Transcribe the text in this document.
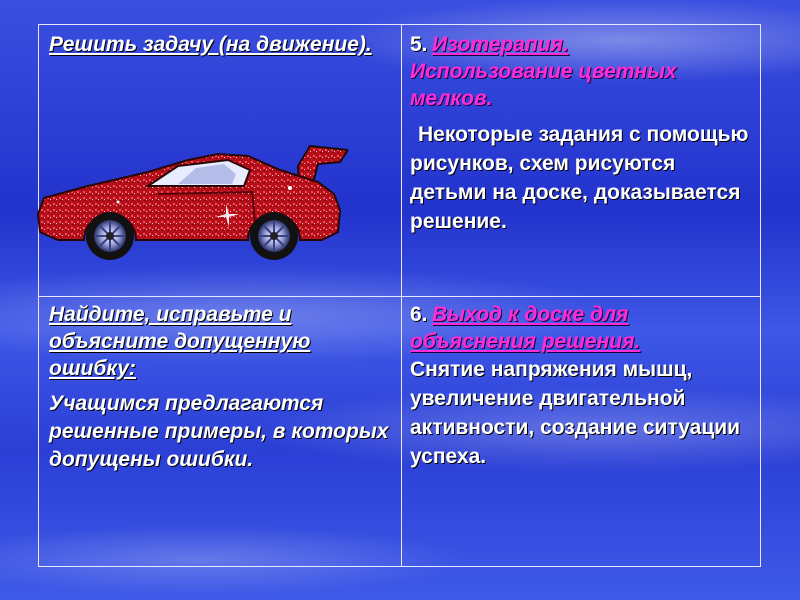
Решить задачу (на движение).	5. Изотерапия.
Использование цветных мелков.
Некоторые задания с помощью рисунков, схем рисуются детьми на доске, доказывается решение.
Найдите, исправьте и объясните допущенную ошибку:
Учащимся предлагаются решенные примеры, в которых допущены ошибки.
6. Выход к доске для объяснения решения.
Снятие напряжения мышц, увеличение двигательной активности, создание ситуации успеха.
